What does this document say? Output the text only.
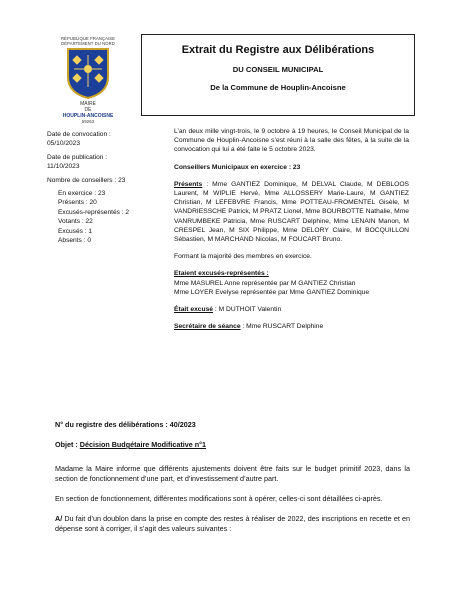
RÉPUBLIQUE FRANÇAISE
DÉPARTEMENT DU NORD
MAIRE
DE
HOUPLIN-ANCOISNE
59263
Extrait du Registre aux Délibérations
DU CONSEIL MUNICIPAL
De la Commune de Houplin-Ancoisne
Date de convocation :
05/10/2023
Date de publication :
11/10/2023
Nombre de conseillers : 23
En exercice : 23
Présents : 20
Excusés-représentés : 2
Votants : 22
Excusés : 1
Absents : 0

L’an deux mille vingt-trois, le 9 octobre à 19 heures, le Conseil Municipal de la Commune de Houplin-Ancoisne s’est réuni à la salle des fêtes, à la suite de la convocation qui lui a été faite le 5 octobre 2023.

Conseillers Municipaux en exercice : 23

Présents : Mme GANTIEZ Dominique, M DELVAL Claude, M DEBLOOS Laurent, M WIPLIE Hervé, Mme ALLOSSERY Marie-Laure, M GANTIEZ Christian, M LEFEBVRE Francis, Mme POTTEAU-FROMENTEL Gisèle, M VANDRIESSCHE Patrick, M PRATZ Lionel, Mme BOURBOTTE Nathalie, Mme VANRUMBEKE Patricia, Mme RUSCART Delphine, Mme LENAIN Manon, M CRESPEL Jean, M SIX Philippe, Mme DELORY Claire, M BOCQUILLON Sébastien, M MARCHAND Nicolas, M FOUCART Bruno.

Formant la majorité des membres en exercice.

Etaient excusés-représentés :
Mme MASUREL Anne représentée par M GANTIEZ Christian
Mme LOYER Evelyse représentée par Mme GANTIEZ Dominique

Était excusé : M DUTHOIT Valentin

Secrétaire de séance : Mme RUSCART Delphine

N° du registre des délibérations : 40/2023

Objet : Décision Budgétaire Modificative n°1

Madame la Maire informe que différents ajustements doivent être faits sur le budget primitif 2023, dans la section de fonctionnement d’une part, et d’investissement d’autre part.

En section de fonctionnement, différentes modifications sont à opérer, celles-ci sont détaillées ci-après.

A/ Du fait d’un doublon dans la prise en compte des restes à réaliser de 2022, des inscriptions en recette et en dépense sont à corriger, il s’agit des valeurs suivantes :
